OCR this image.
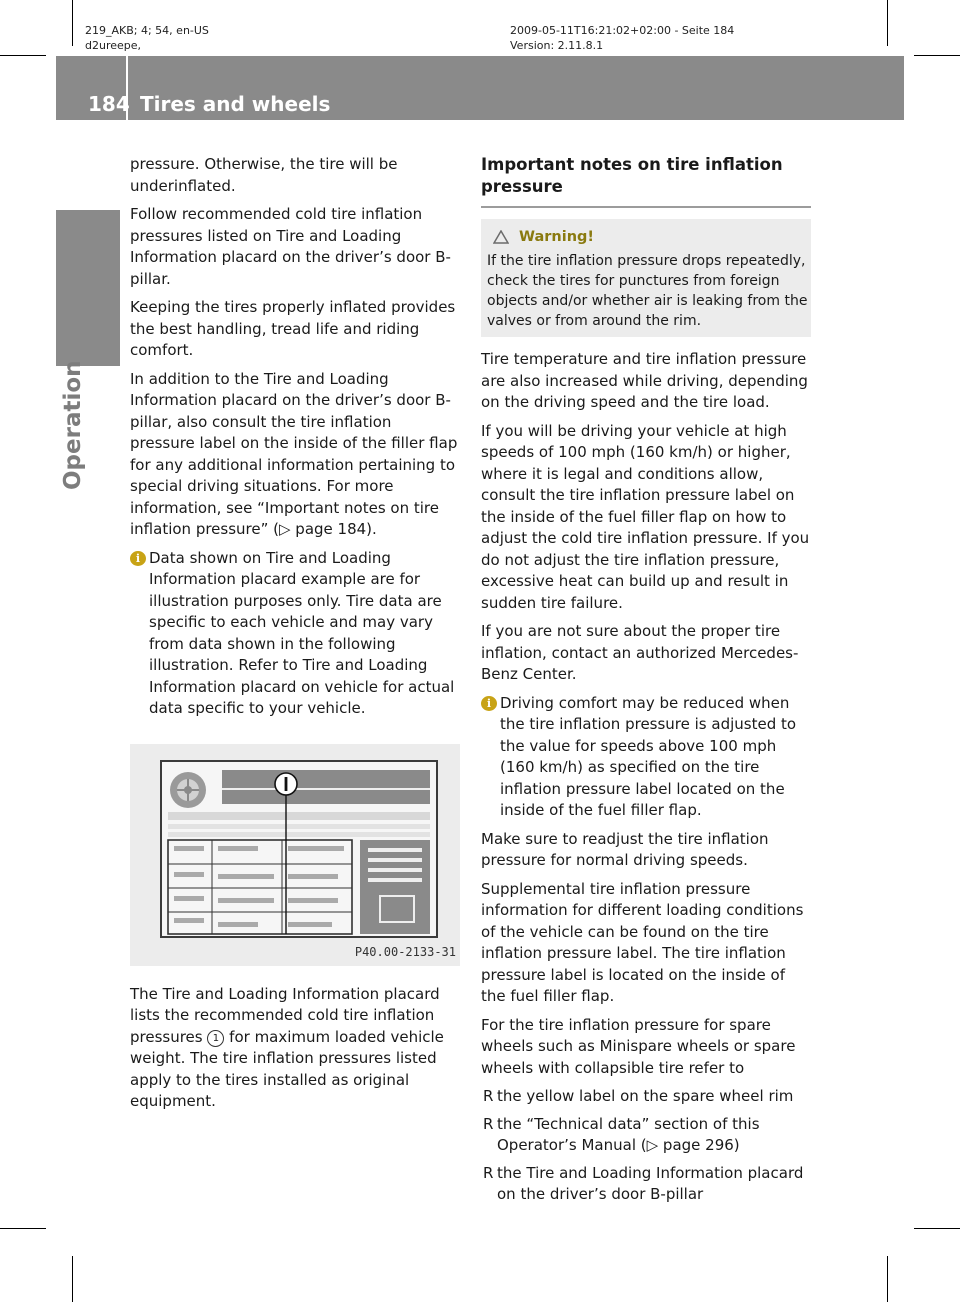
219_AKB; 4; 54, en-US
d2ureepe,
2009-05-11T16:21:02+02:00 - Seite 184
Version: 2.11.8.1
184 Tires and wheels
Operation

pressure. Otherwise, the tire will be underinflated.

Follow recommended cold tire inflation pressures listed on Tire and Loading Information placard on the driver’s door B-pillar.

Keeping the tires properly inflated provides the best handling, tread life and riding comfort.

In addition to the Tire and Loading Information placard on the driver’s door B-pillar, also consult the tire inflation pressure label on the inside of the filler flap for any additional information pertaining to special driving situations. For more information, see “Important notes on tire inflation pressure” (▷ page 184).

i Data shown on Tire and Loading Information placard example are for illustration purposes only. Tire data are specific to each vehicle and may vary from data shown in the following illustration. Refer to Tire and Loading Information placard on vehicle for actual data specific to your vehicle.
P40.00-2133-31

The Tire and Loading Information placard lists the recommended cold tire inflation pressures 1 for maximum loaded vehicle weight. The tire inflation pressures listed apply to the tires installed as original equipment.

Important notes on tire inflation pressure
Warning!
If the tire inflation pressure drops repeatedly, check the tires for punctures from foreign objects and/or whether air is leaking from the valves or from around the rim.

Tire temperature and tire inflation pressure are also increased while driving, depending on the driving speed and the tire load.

If you will be driving your vehicle at high speeds of 100 mph (160 km/h) or higher, where it is legal and conditions allow, consult the tire inflation pressure label on the inside of the fuel filler flap on how to adjust the cold tire inflation pressure. If you do not adjust the tire inflation pressure, excessive heat can build up and result in sudden tire failure.

If you are not sure about the proper tire inflation, contact an authorized Mercedes-Benz Center.

i Driving comfort may be reduced when the tire inflation pressure is adjusted to the value for speeds above 100 mph (160 km/h) as specified on the tire inflation pressure label located on the inside of the fuel filler flap.

Make sure to readjust the tire inflation pressure for normal driving speeds.

Supplemental tire inflation pressure information for different loading conditions of the vehicle can be found on the tire inflation pressure label. The tire inflation pressure label is located on the inside of the fuel filler flap.

For the tire inflation pressure for spare wheels such as Minispare wheels or spare wheels with collapsible tire refer to

R the yellow label on the spare wheel rim
R the “Technical data” section of this Operator’s Manual (▷ page 296)
R the Tire and Loading Information placard on the driver’s door B-pillar
